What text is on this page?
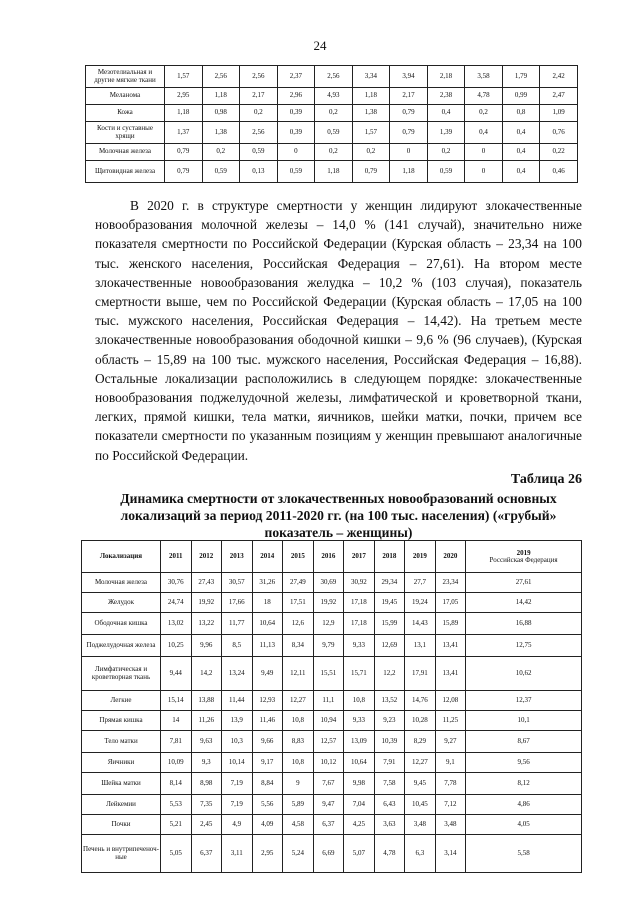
24
Мезотелиальная и другие мягкие ткани	1,57	2,56	2,56	2,37	2,56	3,34	3,94	2,18	3,58	1,79	2,42
Меланома	2,95	1,18	2,17	2,96	4,93	1,18	2,17	2,38	4,78	0,99	2,47
Кожа	1,18	0,98	0,2	0,39	0,2	1,38	0,79	0,4	0,2	0,8	1,09
Кости и суставные хрящи	1,37	1,38	2,56	0,39	0,59	1,57	0,79	1,39	0,4	0,4	0,76
Молочная железа	0,79	0,2	0,59	0	0,2	0,2	0	0,2	0	0,4	0,22
Щитовидная железа	0,79	0,59	0,13	0,59	1,18	0,79	1,18	0,59	0	0,4	0,46

В 2020 г. в структуре смертности у женщин лидируют злокачественные новообразования молочной железы – 14,0 % (141 случай), значительно ниже показателя смертности по Российской Федерации (Курская область – 23,34 на 100 тыс. женского населения, Российская Федерация – 27,61). На втором месте злокачественные новообразования желудка – 10,2 % (103 случая), показатель смертности выше, чем по Российской Федерации (Курская область – 17,05 на 100 тыс. мужского населения, Российская Федерация – 14,42). На третьем месте злокачественные новообразования ободочной кишки – 9,6 % (96 случаев), (Курская область – 15,89 на 100 тыс. мужского населения, Российская Федерация – 16,88). Остальные локализации расположились в следующем порядке: злокачественные новообразования поджелудочной железы, лимфатической и кроветворной ткани, легких, прямой кишки, тела матки, яичников, шейки матки, почки, причем все показатели смертности по указанным позициям у женщин превышают аналогичные по Российской Федерации.

Таблица 26

Динамика смертности от злокачественных новообразований основных локализаций за период 2011-2020 гг. (на 100 тыс. населения) («грубый» показатель – женщины)

Локализация	2011	2012	2013	2014	2015	2016	2017	2018	2019	2020	2019
Российская Федерация

Молочная железа	30,76	27,43	30,57	31,26	27,49	30,69	30,92	29,34	27,7	23,34	27,61
Желудок	24,74	19,92	17,66	18	17,51	19,92	17,18	19,45	19,24	17,05	14,42
Ободочная кишка	13,02	13,22	11,77	10,64	12,6	12,9	17,18	15,99	14,43	15,89	16,88
Поджелудочная железа	10,25	9,96	8,5	11,13	8,34	9,79	9,33	12,69	13,1	13,41	12,75
Лимфатическая и кроветворная ткань	9,44	14,2	13,24	9,49	12,11	15,51	15,71	12,2	17,91	13,41	10,62
Легкие	15,14	13,88	11,44	12,93	12,27	11,1	10,8	13,52	14,76	12,08	12,37
Прямая кишка	14	11,26	13,9	11,46	10,8	10,94	9,33	9,23	10,28	11,25	10,1
Тело матки	7,81	9,63	10,3	9,66	8,83	12,57	13,09	10,39	8,29	9,27	8,67
Яичники	10,09	9,3	10,14	9,17	10,8	10,12	10,64	7,91	12,27	9,1	9,56
Шейка матки	8,14	8,98	7,19	8,84	9	7,67	9,98	7,58	9,45	7,78	8,12
Лейкемии	5,53	7,35	7,19	5,56	5,89	9,47	7,04	6,43	10,45	7,12	4,86
Почки	5,21	2,45	4,9	4,09	4,58	6,37	4,25	3,63	3,48	3,48	4,05
Печень и внутрипеченоч-ные	5,05	6,37	3,11	2,95	5,24	6,69	5,07	4,78	6,3	3,14	5,58
